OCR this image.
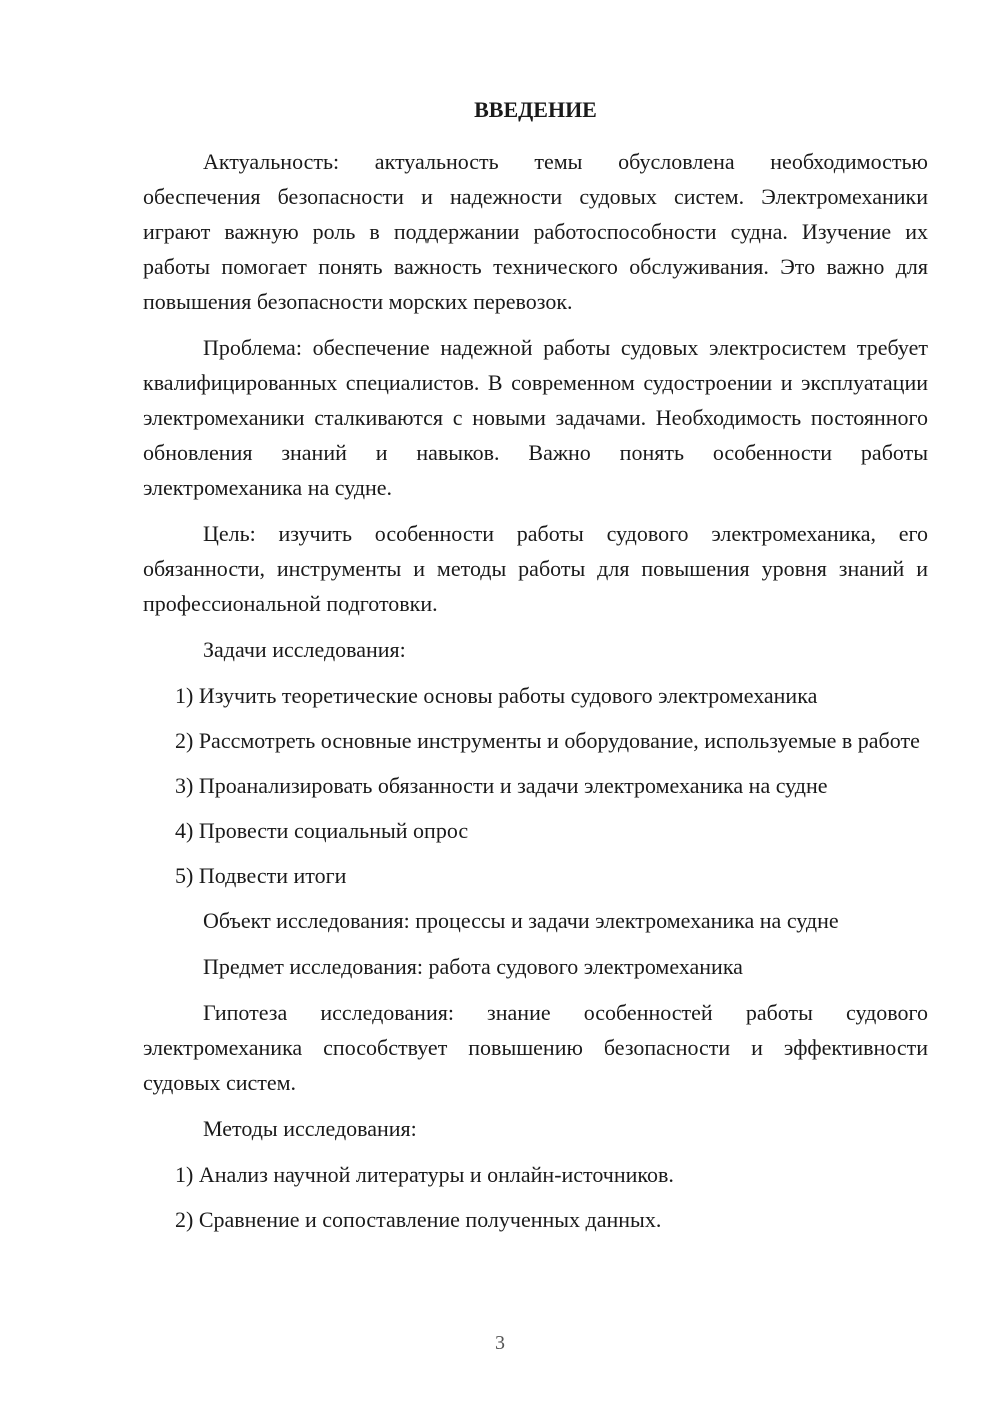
ВВЕДЕНИЕ

Актуальность: актуальность темы обусловлена необходимостью обеспечения безопасности и надежности судовых систем. Электромеханики играют важную роль в поддержании работоспособности судна. Изучение их работы помогает понять важность технического обслуживания. Это важно для повышения безопасности морских перевозок.

Проблема: обеспечение надежной работы судовых электросистем требует квалифицированных специалистов. В современном судостроении и эксплуатации электромеханики сталкиваются с новыми задачами. Необходимость постоянного обновления знаний и навыков. Важно понять особенности работы электромеханика на судне.

Цель: изучить особенности работы судового электромеханика, его обязанности, инструменты и методы работы для повышения уровня знаний и профессиональной подготовки.

Задачи исследования:

1) Изучить теоретические основы работы судового электромеханика

2) Рассмотреть основные инструменты и оборудование, используемые в работе

3) Проанализировать обязанности и задачи электромеханика на судне

4) Провести социальный опрос

5) Подвести итоги

Объект исследования: процессы и задачи электромеханика на судне

Предмет исследования: работа судового электромеханика

Гипотеза исследования: знание особенностей работы судового электромеханика способствует повышению безопасности и эффективности судовых систем.

Методы исследования:

1) Анализ научной литературы и онлайн-источников.

2) Сравнение и сопоставление полученных данных.

3
